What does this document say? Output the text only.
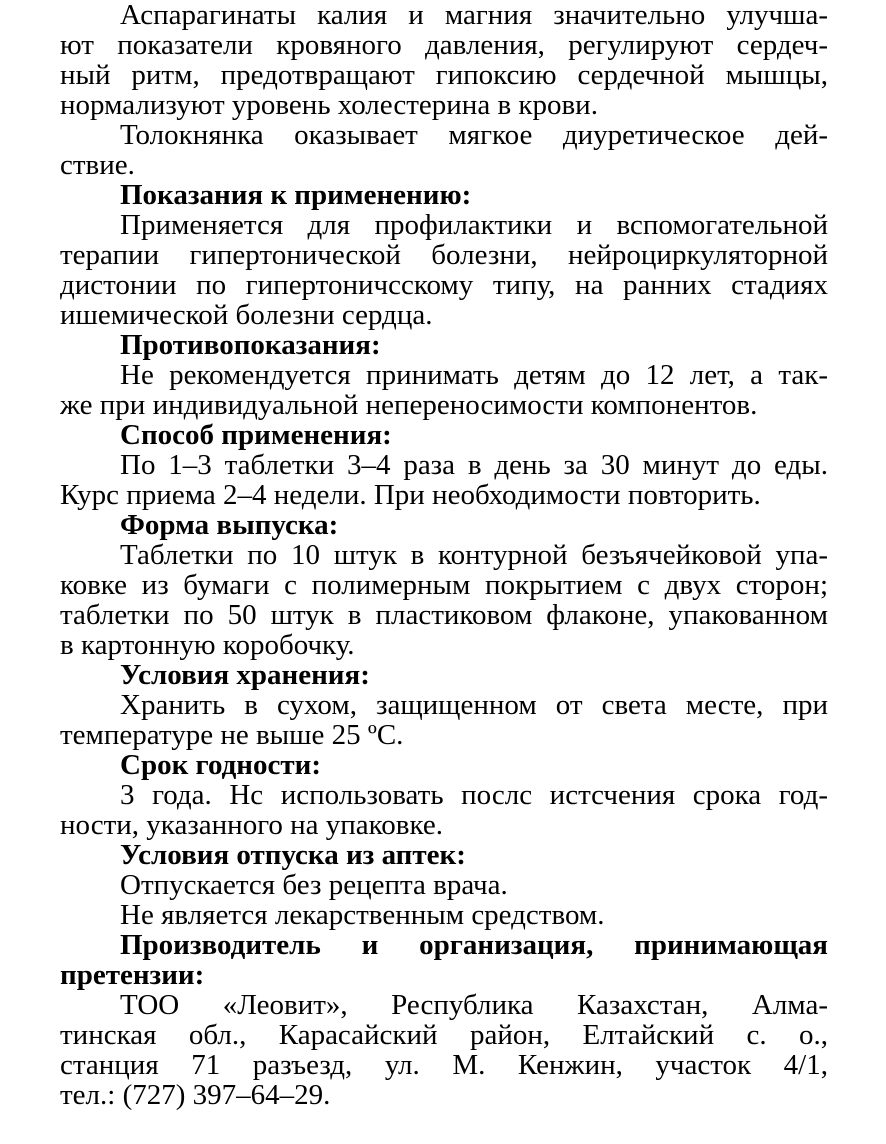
Аспарагинаты калия и магния значительно улучша-
ют показатели кровяного давления, регулируют сердеч-
ный ритм, предотвращают гипоксию сердечной мышцы,
нормализуют уровень холестерина в крови.
Толокнянка оказывает мягкое диуретическое дей-
ствие.
Показания к применению:
Применяется для профилактики и вспомогательной
терапии гипертонической болезни, нейроциркуляторной
дистонии по гипертоничсскому типу, на ранних стадиях
ишемической болезни сердца.
Противопоказания:
Не рекомендуется принимать детям до 12 лет, а так-
же при индивидуальной непереносимости компонентов.
Способ применения:
По 1–3 таблетки 3–4 раза в день за 30 минут до еды.
Курс приема 2–4 недели. При необходимости повторить.
Форма выпуска:
Таблетки по 10 штук в контурной безъячейковой упа-
ковке из бумаги с полимерным покрытием с двух сторон;
таблетки по 50 штук в пластиковом флаконе, упакованном
в картонную коробочку.
Условия хранения:
Хранить в сухом, защищенном от света месте, при
температуре не выше 25 ºС.
Срок годности:
3 года. Нс использовать послс истсчения срока год-
ности, указанного на упаковке.
Условия отпуска из аптек:
Отпускается без рецепта врача.
Не является лекарственным средством.
Производитель и организация, принимающая
претензии:
ТОО «Леовит», Республика Казахстан, Алма-
тинская обл., Карасайский район, Елтайский с. о.,
станция 71 разъезд, ул. М. Кенжин, участок 4/1,
тел.: (727) 397–64–29.
